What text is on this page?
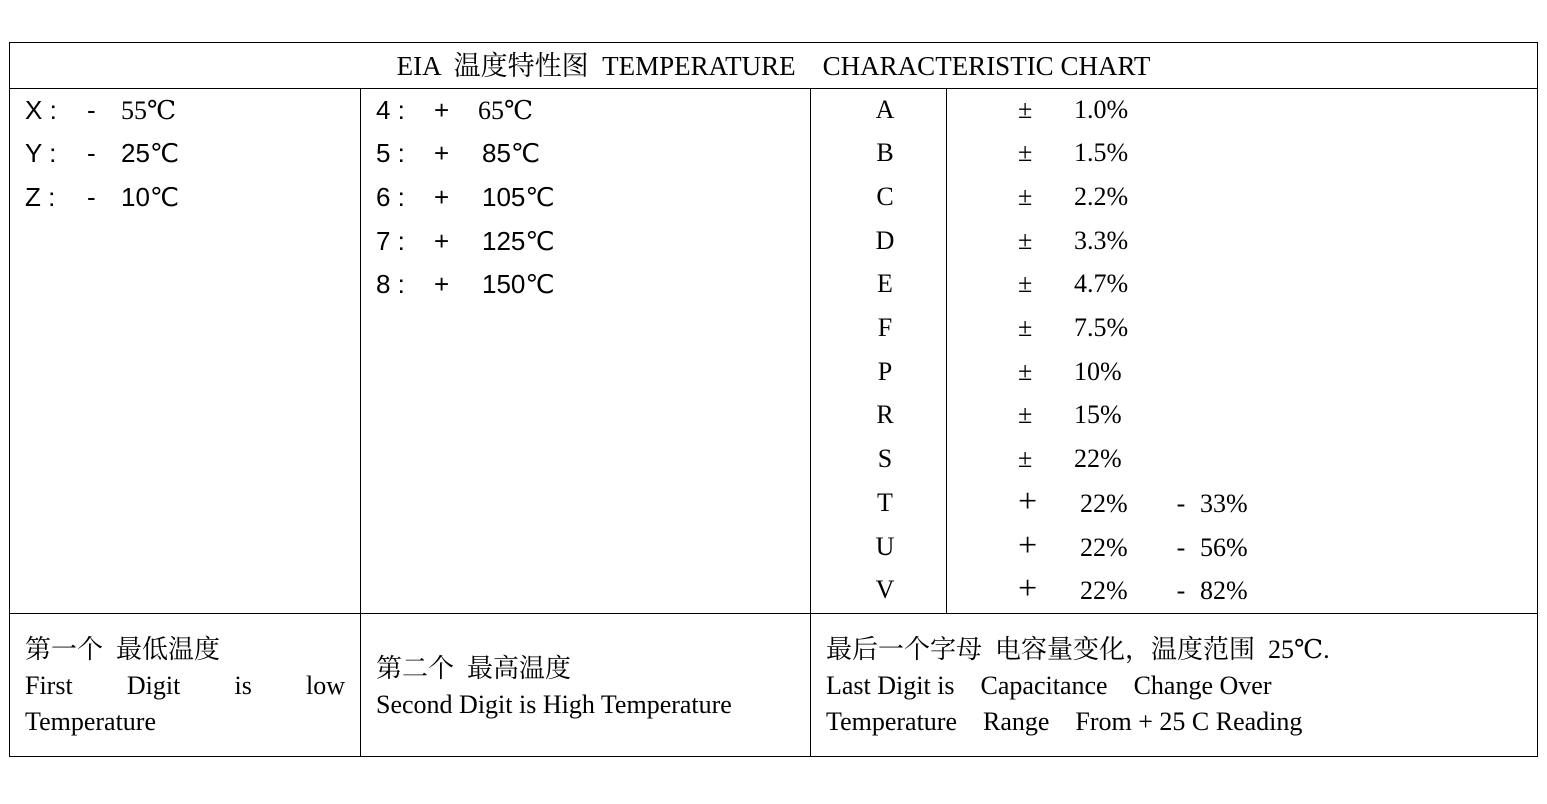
EIA  温度特性图  TEMPERATURE    CHARACTERISTIC CHART
X : - 55℃
Y : - 25℃
Z : - 10℃
4 : + 65℃
5 : + 85℃
6 : + 105℃
7 : + 125℃
8 : + 150℃
A	± 1.0%
B	± 1.5%
C	± 2.2%
D	± 3.3%
E	± 4.7%
F	± 7.5%
P	± 10%
R	± 15%
S	± 22%
T	+ 22% - 33%
U	+ 22% - 56%
V	+ 22% - 82%
第一个  最低温度
First Digit is low
Temperature
第二个  最高温度
Second Digit is High Temperature
最后一个字母  电容量变化，温度范围  25℃.
Last Digit is    Capacitance    Change Over
Temperature    Range    From + 25 C Reading
